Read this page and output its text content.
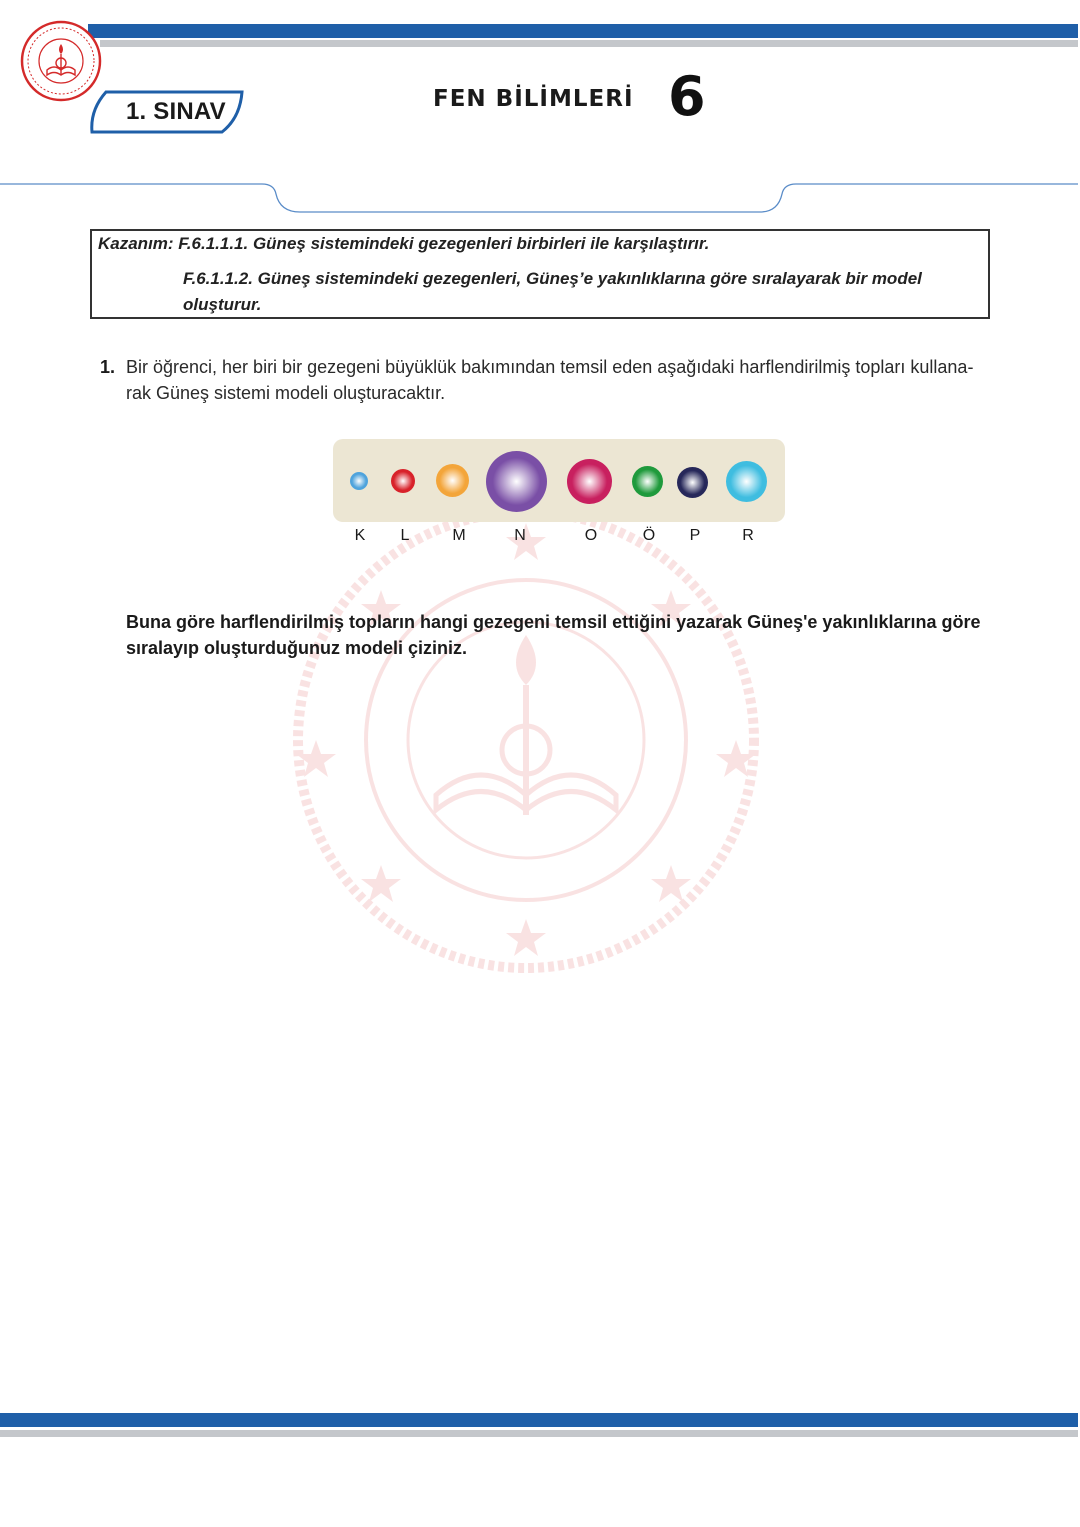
1. SINAV	FEN BİLİMLERİ 6
Kazanım: F.6.1.1.1. Güneş sistemindeki gezegenleri birbirleri ile karşılaştırır.
F.6.1.1.2. Güneş sistemindeki gezegenleri, Güneş’e yakınlıklarına göre sıralayarak bir model
oluşturur.
1. Bir öğrenci, her biri bir gezegeni büyüklük bakımından temsil eden aşağıdaki harflendirilmiş topları kullana-
rak Güneş sistemi modeli oluşturacaktır.
K	L	M	N	O	Ö	P	R
Buna göre harflendirilmiş topların hangi gezegeni temsil ettiğini yazarak Güneş'e yakınlıklarına göre
sıralayıp oluşturduğunuz modeli çiziniz.
